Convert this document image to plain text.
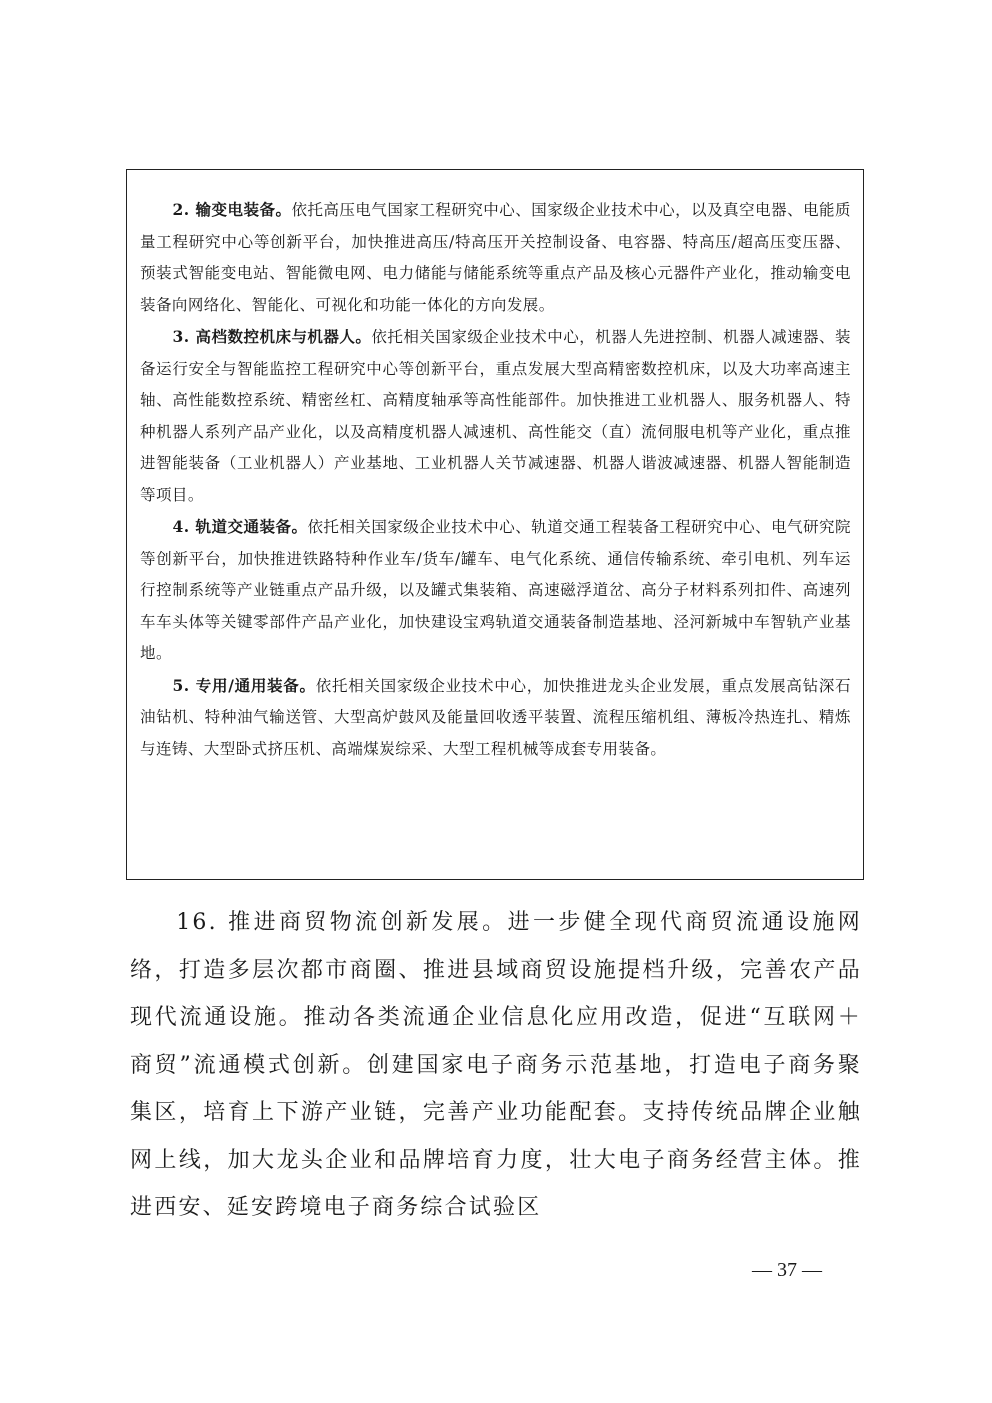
2. 输变电装备。依托高压电气国家工程研究中心、国家级企业技术中心，以及真空电器、电能质量工程研究中心等创新平台，加快推进高压/特高压开关控制设备、电容器、特高压/超高压变压器、预装式智能变电站、智能微电网、电力储能与储能系统等重点产品及核心元器件产业化，推动输变电装备向网络化、智能化、可视化和功能一体化的方向发展。

3. 高档数控机床与机器人。依托相关国家级企业技术中心，机器人先进控制、机器人减速器、装备运行安全与智能监控工程研究中心等创新平台，重点发展大型高精密数控机床，以及大功率高速主轴、高性能数控系统、精密丝杠、高精度轴承等高性能部件。加快推进工业机器人、服务机器人、特种机器人系列产品产业化，以及高精度机器人减速机、高性能交（直）流伺服电机等产业化，重点推进智能装备（工业机器人）产业基地、工业机器人关节减速器、机器人谐波减速器、机器人智能制造等项目。

4. 轨道交通装备。依托相关国家级企业技术中心、轨道交通工程装备工程研究中心、电气研究院等创新平台，加快推进铁路特种作业车/货车/罐车、电气化系统、通信传输系统、牵引电机、列车运行控制系统等产业链重点产品升级，以及罐式集装箱、高速磁浮道岔、高分子材料系列扣件、高速列车车头体等关键零部件产品产业化，加快建设宝鸡轨道交通装备制造基地、泾河新城中车智轨产业基地。

5. 专用/通用装备。依托相关国家级企业技术中心，加快推进龙头企业发展，重点发展高钻深石油钻机、特种油气输送管、大型高炉鼓风及能量回收透平装置、流程压缩机组、薄板冷热连扎、精炼与连铸、大型卧式挤压机、高端煤炭综采、大型工程机械等成套专用装备。

16. 推进商贸物流创新发展。进一步健全现代商贸流通设施网络，打造多层次都市商圈、推进县域商贸设施提档升级，完善农产品现代流通设施。推动各类流通企业信息化应用改造，促进“互联网＋商贸”流通模式创新。创建国家电子商务示范基地，打造电子商务聚集区，培育上下游产业链，完善产业功能配套。支持传统品牌企业触网上线，加大龙头企业和品牌培育力度，壮大电子商务经营主体。推进西安、延安跨境电子商务综合试验区

— 37 —
